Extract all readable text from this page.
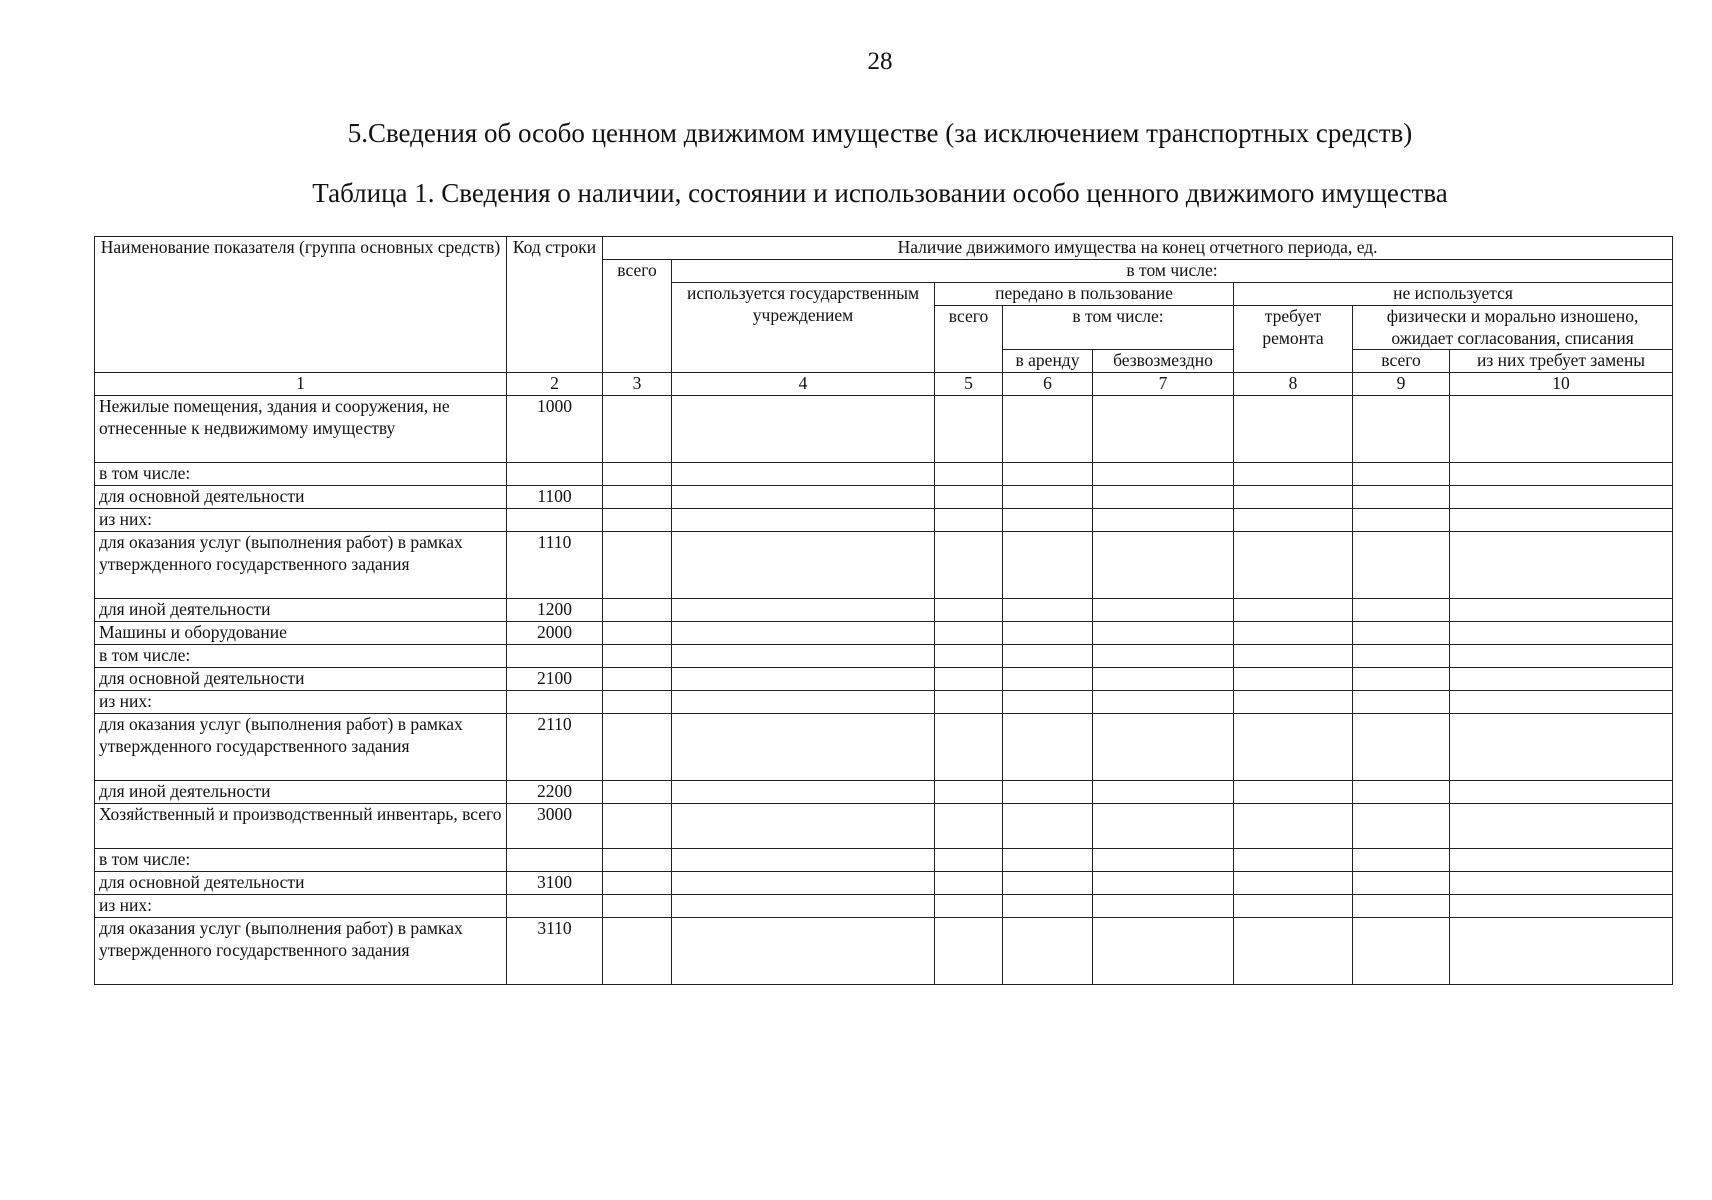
28
5.Сведения об особо ценном движимом имуществе (за исключением транспортных средств)
Таблица 1. Сведения о наличии, состоянии и использовании особо ценного движимого имущества
Наименование показателя (группа основных средств)	Код строки	Наличие движимого имущества на конец отчетного периода, ед.							
		всего	в том числе:						
			используется государственным учреждением	передано в пользование			не используется		
				всего	в том числе:		требует ремонта	физически и морально изношено, ожидает согласования, списания	
					в аренду	безвозмездно		всего	из них требует замены
1	2	3	4	5	6	7	8	9	10
Нежилые помещения, здания и сооружения, не отнесенные к недвижимому имуществу	1000								
в том числе:									
для основной деятельности	1100								
из них:									
для оказания услуг (выполнения работ) в рамках утвержденного государственного задания	1110								
для иной деятельности	1200								
Машины и оборудование	2000								
в том числе:									
для основной деятельности	2100								
из них:									
для оказания услуг (выполнения работ) в рамках утвержденного государственного задания	2110								
для иной деятельности	2200								
Хозяйственный и производственный инвентарь, всего	3000								
в том числе:									
для основной деятельности	3100								
из них:									
для оказания услуг (выполнения работ) в рамках утвержденного государственного задания	3110								
